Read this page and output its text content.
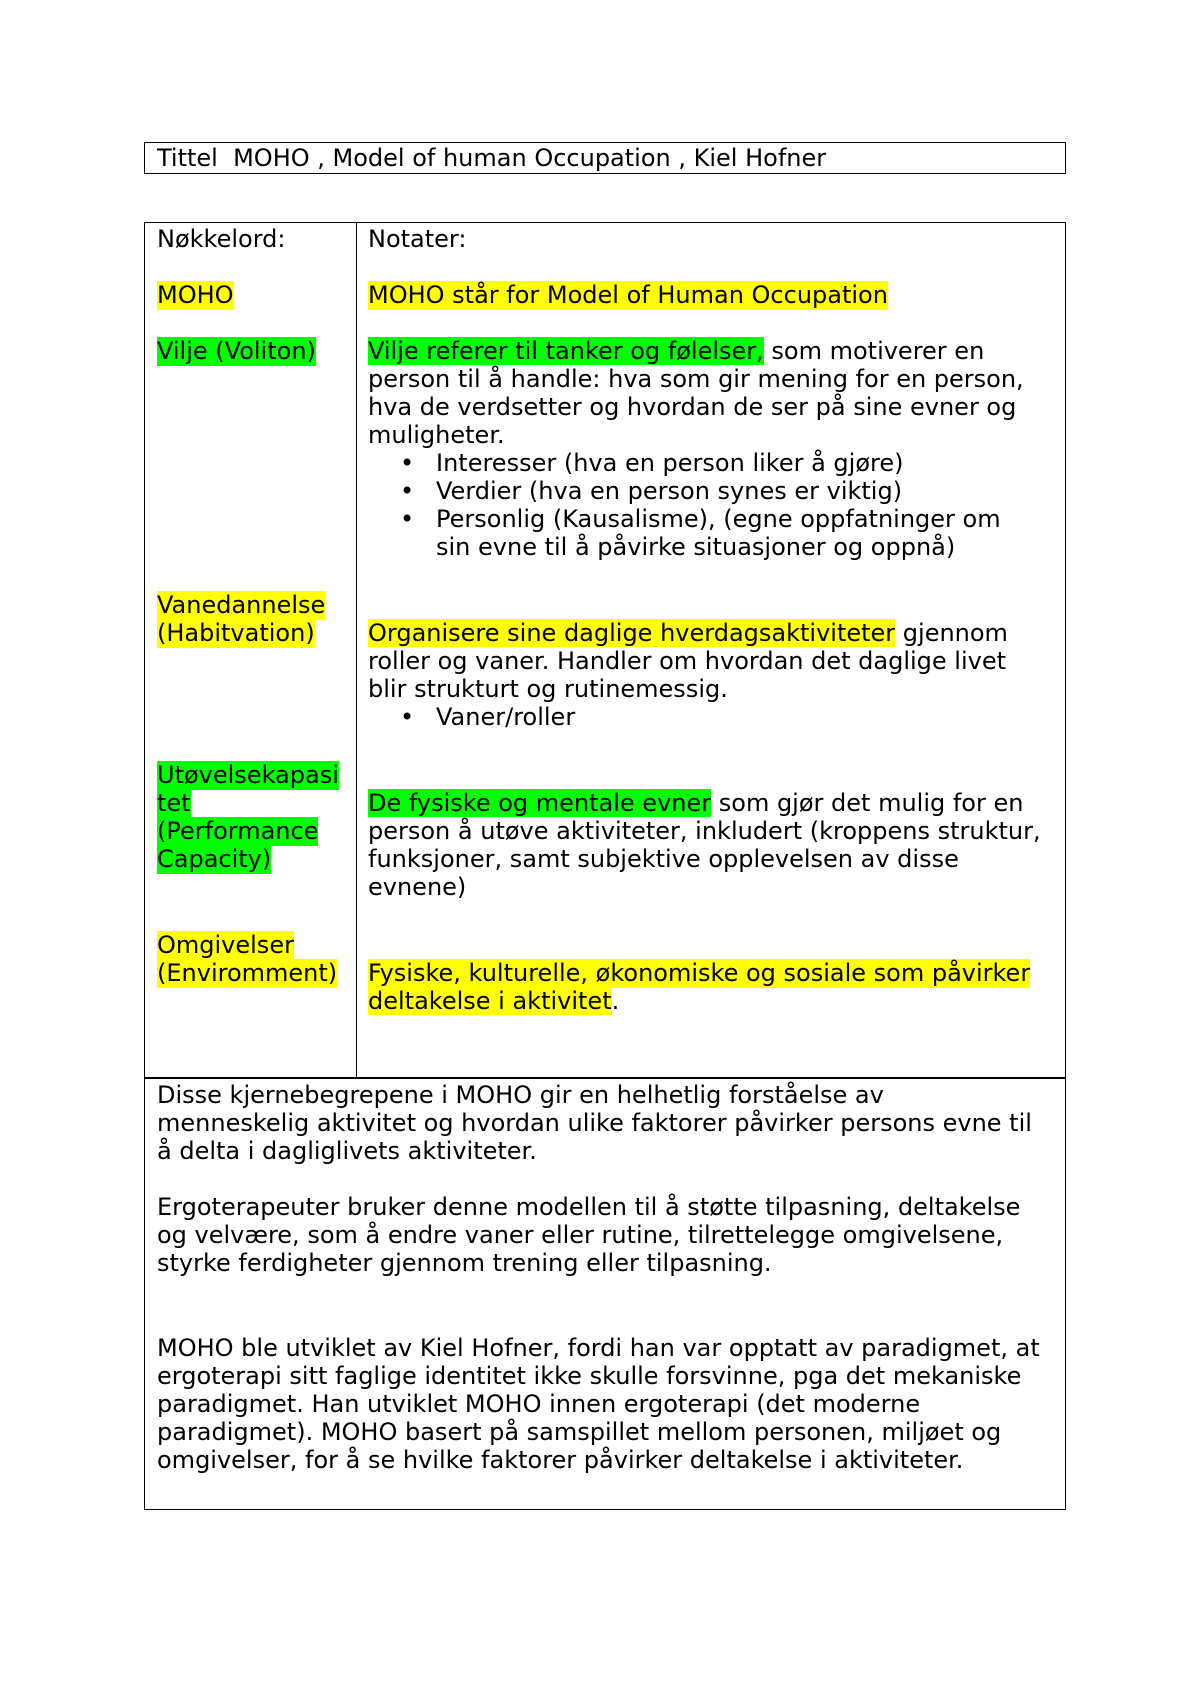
Tittel  MOHO , Model of human Occupation , Kiel Hofner
Nøkkelord:
MOHO
Vilje (Voliton)
Vanedannelse
(Habitvation)
Utøvelsekapasi
tet
(Performance
Capacity)
Omgivelser
(Enviromment)
Notater:
MOHO står for Model of Human Occupation
Vilje referer til tanker og følelser, som motiverer en
person til å handle: hva som gir mening for en person,
hva de verdsetter og hvordan de ser på sine evner og
muligheter.
• Interesser (hva en person liker å gjøre)
• Verdier (hva en person synes er viktig)
• Personlig (Kausalisme), (egne oppfatninger om
sin evne til å påvirke situasjoner og oppnå)
Organisere sine daglige hverdagsaktiviteter gjennom
roller og vaner. Handler om hvordan det daglige livet
blir strukturt og rutinemessig.
• Vaner/roller
De fysiske og mentale evner som gjør det mulig for en
person å utøve aktiviteter, inkludert (kroppens struktur,
funksjoner, samt subjektive opplevelsen av disse
evnene)
Fysiske, kulturelle, økonomiske og sosiale som påvirker
deltakelse i aktivitet.
Disse kjernebegrepene i MOHO gir en helhetlig forståelse av
menneskelig aktivitet og hvordan ulike faktorer påvirker persons evne til
å delta i dagliglivets aktiviteter.
Ergoterapeuter bruker denne modellen til å støtte tilpasning, deltakelse
og velvære, som å endre vaner eller rutine, tilrettelegge omgivelsene,
styrke ferdigheter gjennom trening eller tilpasning.
MOHO ble utviklet av Kiel Hofner, fordi han var opptatt av paradigmet, at
ergoterapi sitt faglige identitet ikke skulle forsvinne, pga det mekaniske
paradigmet. Han utviklet MOHO innen ergoterapi (det moderne
paradigmet). MOHO basert på samspillet mellom personen, miljøet og
omgivelser, for å se hvilke faktorer påvirker deltakelse i aktiviteter.
